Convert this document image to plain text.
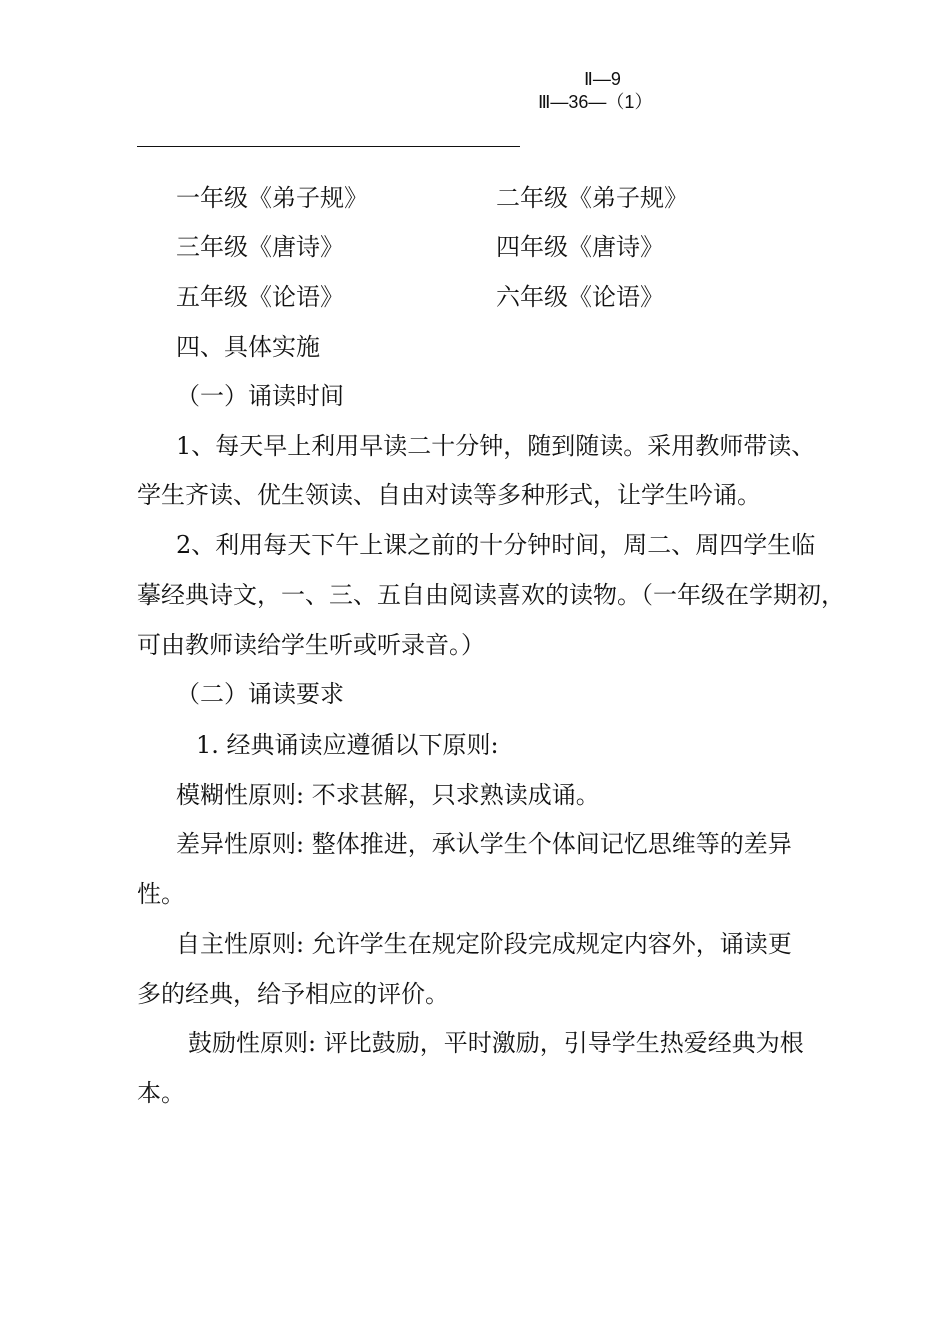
Ⅱ—9
Ⅲ—36—（1）
一年级《弟子规》	二年级《弟子规》
三年级《唐诗》	四年级《唐诗》
五年级《论语》	六年级《论语》
四、具体实施
（一）诵读时间
1、每天早上利用早读二十分钟，随到随读。采用教师带读、
学生齐读、优生领读、自由对读等多种形式，让学生吟诵。
2、利用每天下午上课之前的十分钟时间，周二、周四学生临
摹经典诗文，一、三、五自由阅读喜欢的读物。（一年级在学期初，
可由教师读给学生听或听录音。）
（二）诵读要求
1. 经典诵读应遵循以下原则:
模糊性原则: 不求甚解，只求熟读成诵。
差异性原则: 整体推进，承认学生个体间记忆思维等的差异
性。
自主性原则: 允许学生在规定阶段完成规定内容外，诵读更
多的经典，给予相应的评价。
鼓励性原则: 评比鼓励，平时激励，引导学生热爱经典为根
本。
